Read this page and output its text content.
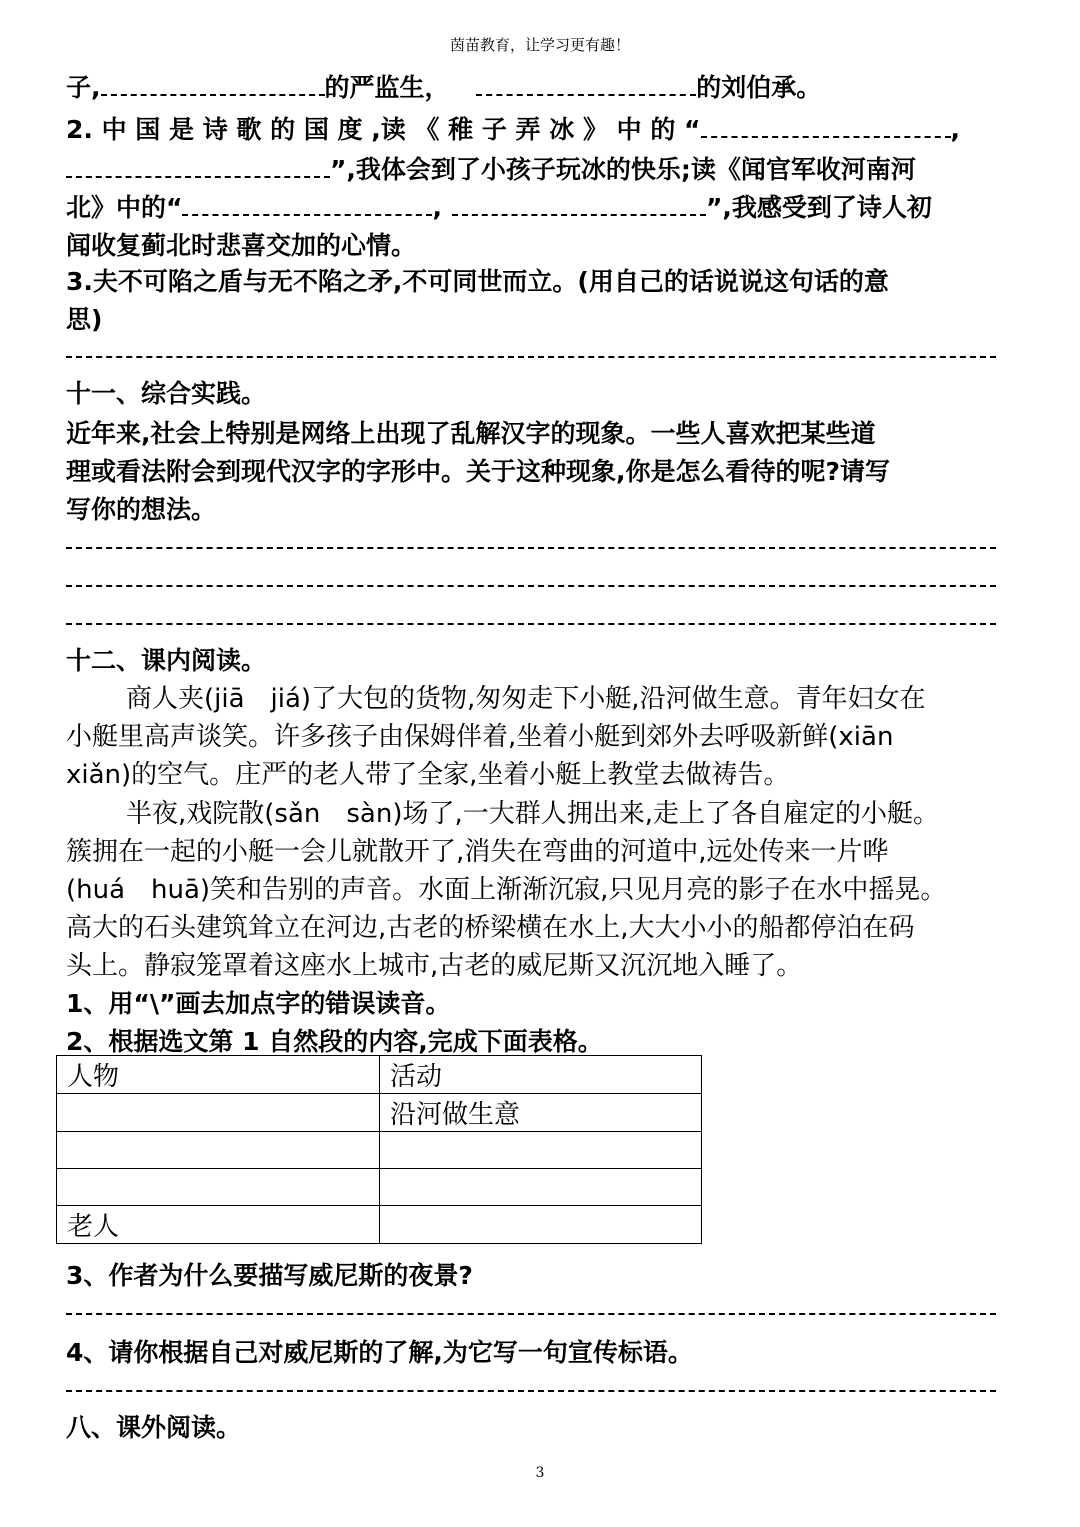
茵苗教育，让学习更有趣！
子,	的严监生，	的刘伯承。
2. 中 国 是 诗 歌 的 国 度 ,读 《 稚 子 弄 冰 》 中 的 “	,
”,我体会到了小孩子玩冰的快乐;读《闻官军收河南河
北》中的“	,	”,我感受到了诗人初
闻收复蓟北时悲喜交加的心情。
3.夫不可陷之盾与无不陷之矛,不可同世而立。(用自己的话说说这句话的意
思)
十一、综合实践。
近年来,社会上特别是网络上出现了乱解汉字的现象。一些人喜欢把某些道
理或看法附会到现代汉字的字形中。关于这种现象,你是怎么看待的呢?请写
写你的想法。
十二、课内阅读。
商人夹(jiā　jiá)了大包的货物,匆匆走下小艇,沿河做生意。青年妇女在
小艇里高声谈笑。许多孩子由保姆伴着,坐着小艇到郊外去呼吸新鲜(xiān
xiǎn)的空气。庄严的老人带了全家,坐着小艇上教堂去做祷告。
半夜,戏院散(sǎn　sàn)场了,一大群人拥出来,走上了各自雇定的小艇。
簇拥在一起的小艇一会儿就散开了,消失在弯曲的河道中,远处传来一片哗
(huá　huā)笑和告别的声音。水面上渐渐沉寂,只见月亮的影子在水中摇晃。
高大的石头建筑耸立在河边,古老的桥梁横在水上,大大小小的船都停泊在码
头上。静寂笼罩着这座水上城市,古老的威尼斯又沉沉地入睡了。
1、用“\”画去加点字的错误读音。
2、根据选文第 1 自然段的内容,完成下面表格。
人物	活动
	沿河做生意

老人	
3、作者为什么要描写威尼斯的夜景?
4、请你根据自己对威尼斯的了解,为它写一句宣传标语。
八、课外阅读。
3
